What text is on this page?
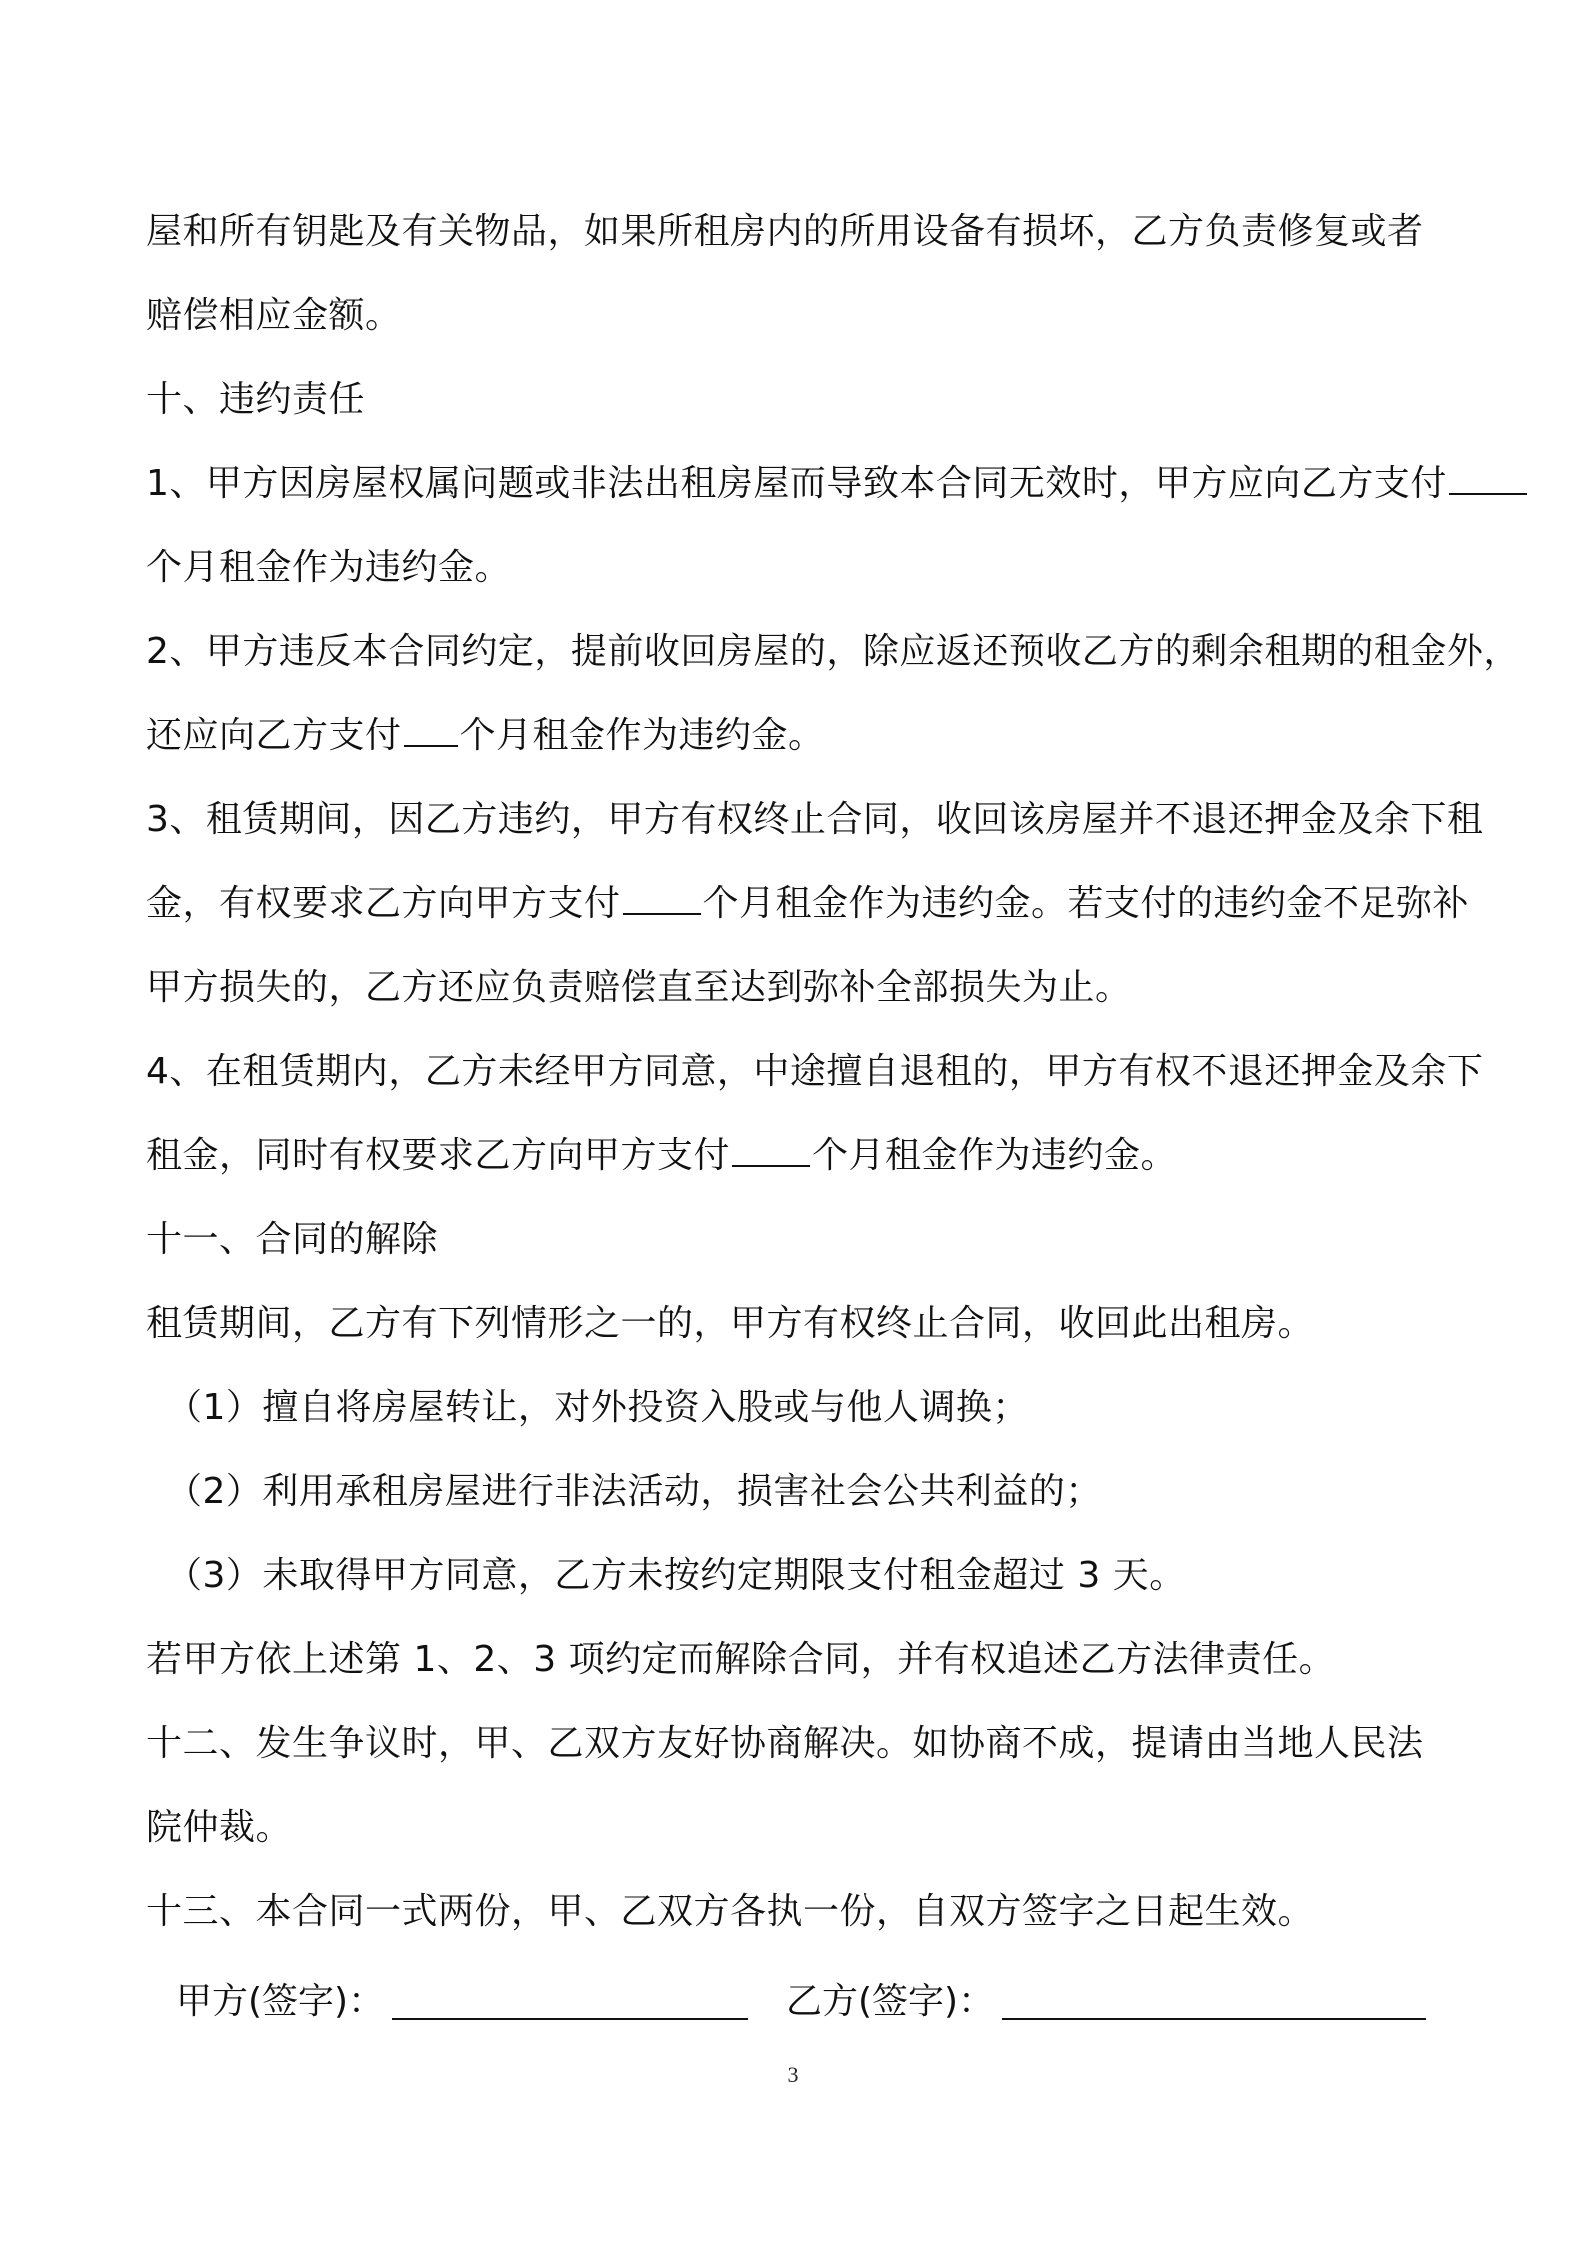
屋和所有钥匙及有关物品，如果所租房内的所用设备有损坏，乙方负责修复或者
赔偿相应金额。
十、违约责任
1、甲方因房屋权属问题或非法出租房屋而导致本合同无效时，甲方应向乙方支付
个月租金作为违约金。
2、甲方违反本合同约定，提前收回房屋的，除应返还预收乙方的剩余租期的租金外，
还应向乙方支付 个月租金作为违约金。
3、租赁期间，因乙方违约，甲方有权终止合同，收回该房屋并不退还押金及余下租
金，有权要求乙方向甲方支付 个月租金作为违约金。若支付的违约金不足弥补
甲方损失的，乙方还应负责赔偿直至达到弥补全部损失为止。
4、在租赁期内，乙方未经甲方同意，中途擅自退租的，甲方有权不退还押金及余下
租金，同时有权要求乙方向甲方支付 个月租金作为违约金。
十一、合同的解除
租赁期间，乙方有下列情形之一的，甲方有权终止合同，收回此出租房。
（1）擅自将房屋转让，对外投资入股或与他人调换；
（2）利用承租房屋进行非法活动，损害社会公共利益的；
（3）未取得甲方同意，乙方未按约定期限支付租金超过 3 天。
若甲方依上述第 1、2、3 项约定而解除合同，并有权追述乙方法律责任。
十二、发生争议时，甲、乙双方友好协商解决。如协商不成，提请由当地人民法
院仲裁。
十三、本合同一式两份，甲、乙双方各执一份，自双方签字之日起生效。
甲方(签字)：	乙方(签字)：
3
